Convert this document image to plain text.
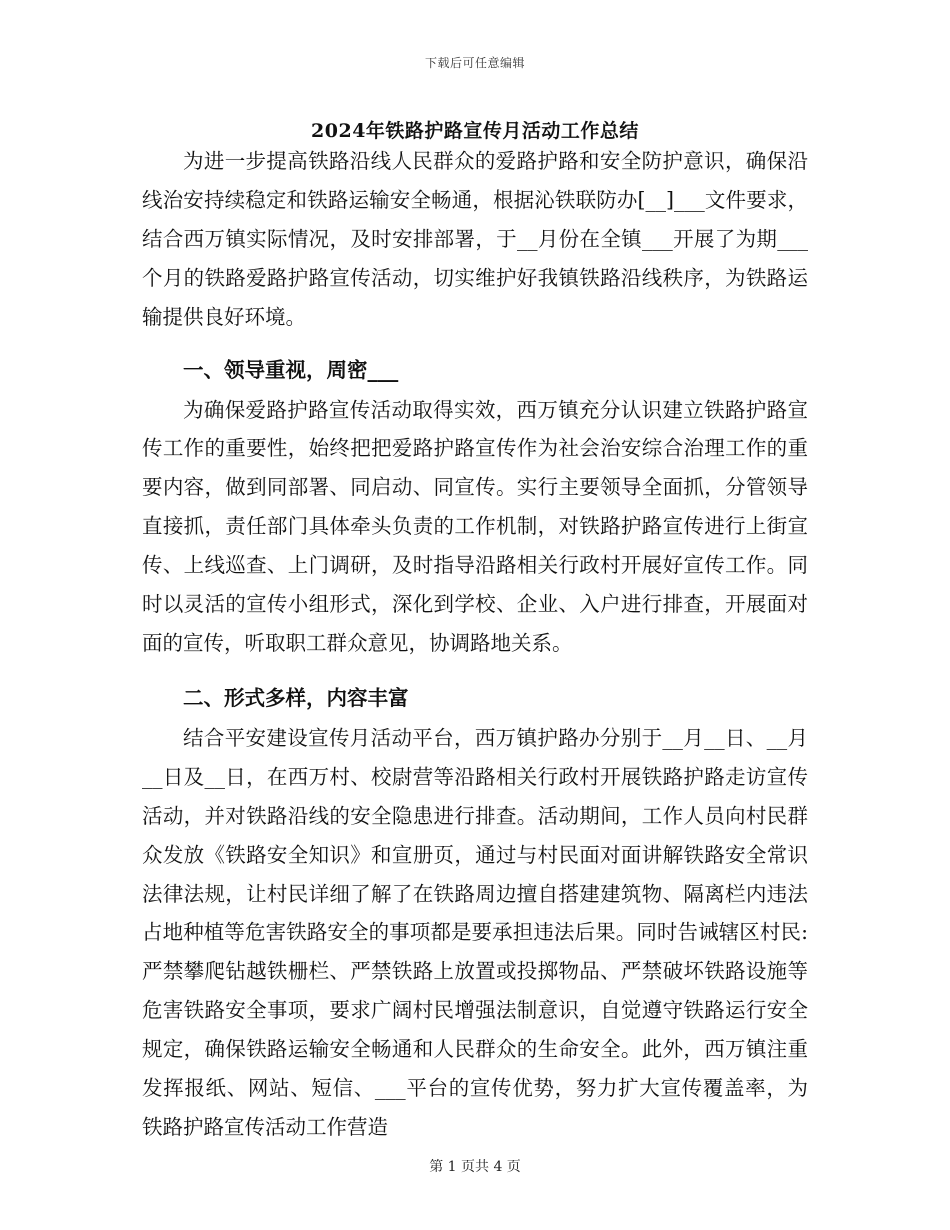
下载后可任意编辑
2024年铁路护路宣传月活动工作总结

为进一步提高铁路沿线人民群众的爱路护路和安全防护意识，确保沿线治安持续稳定和铁路运输安全畅通，根据沁铁联防办[__]___文件要求，结合西万镇实际情况，及时安排部署，于__月份在全镇___开展了为期___个月的铁路爱路护路宣传活动，切实维护好我镇铁路沿线秩序，为铁路运输提供良好环境。

一、领导重视，周密___

为确保爱路护路宣传活动取得实效，西万镇充分认识建立铁路护路宣传工作的重要性，始终把把爱路护路宣传作为社会治安综合治理工作的重要内容，做到同部署、同启动、同宣传。实行主要领导全面抓，分管领导直接抓，责任部门具体牵头负责的工作机制，对铁路护路宣传进行上街宣传、上线巡查、上门调研，及时指导沿路相关行政村开展好宣传工作。同时以灵活的宣传小组形式，深化到学校、企业、入户进行排查，开展面对面的宣传，听取职工群众意见，协调路地关系。

二、形式多样，内容丰富

结合平安建设宣传月活动平台，西万镇护路办分别于__月__日、__月__日及__日，在西万村、校尉营等沿路相关行政村开展铁路护路走访宣传活动，并对铁路沿线的安全隐患进行排查。活动期间，工作人员向村民群众发放《铁路安全知识》和宣册页，通过与村民面对面讲解铁路安全常识法律法规，让村民详细了解了在铁路周边擅自搭建建筑物、隔离栏内违法占地种植等危害铁路安全的事项都是要承担违法后果。同时告诫辖区村民:严禁攀爬钻越铁栅栏、严禁铁路上放置或投掷物品、严禁破坏铁路设施等危害铁路安全事项，要求广阔村民增强法制意识，自觉遵守铁路运行安全规定，确保铁路运输安全畅通和人民群众的生命安全。此外，西万镇注重发挥报纸、网站、短信、___平台的宣传优势，努力扩大宣传覆盖率，为铁路护路宣传活动工作营造

第 1 页共 4 页
